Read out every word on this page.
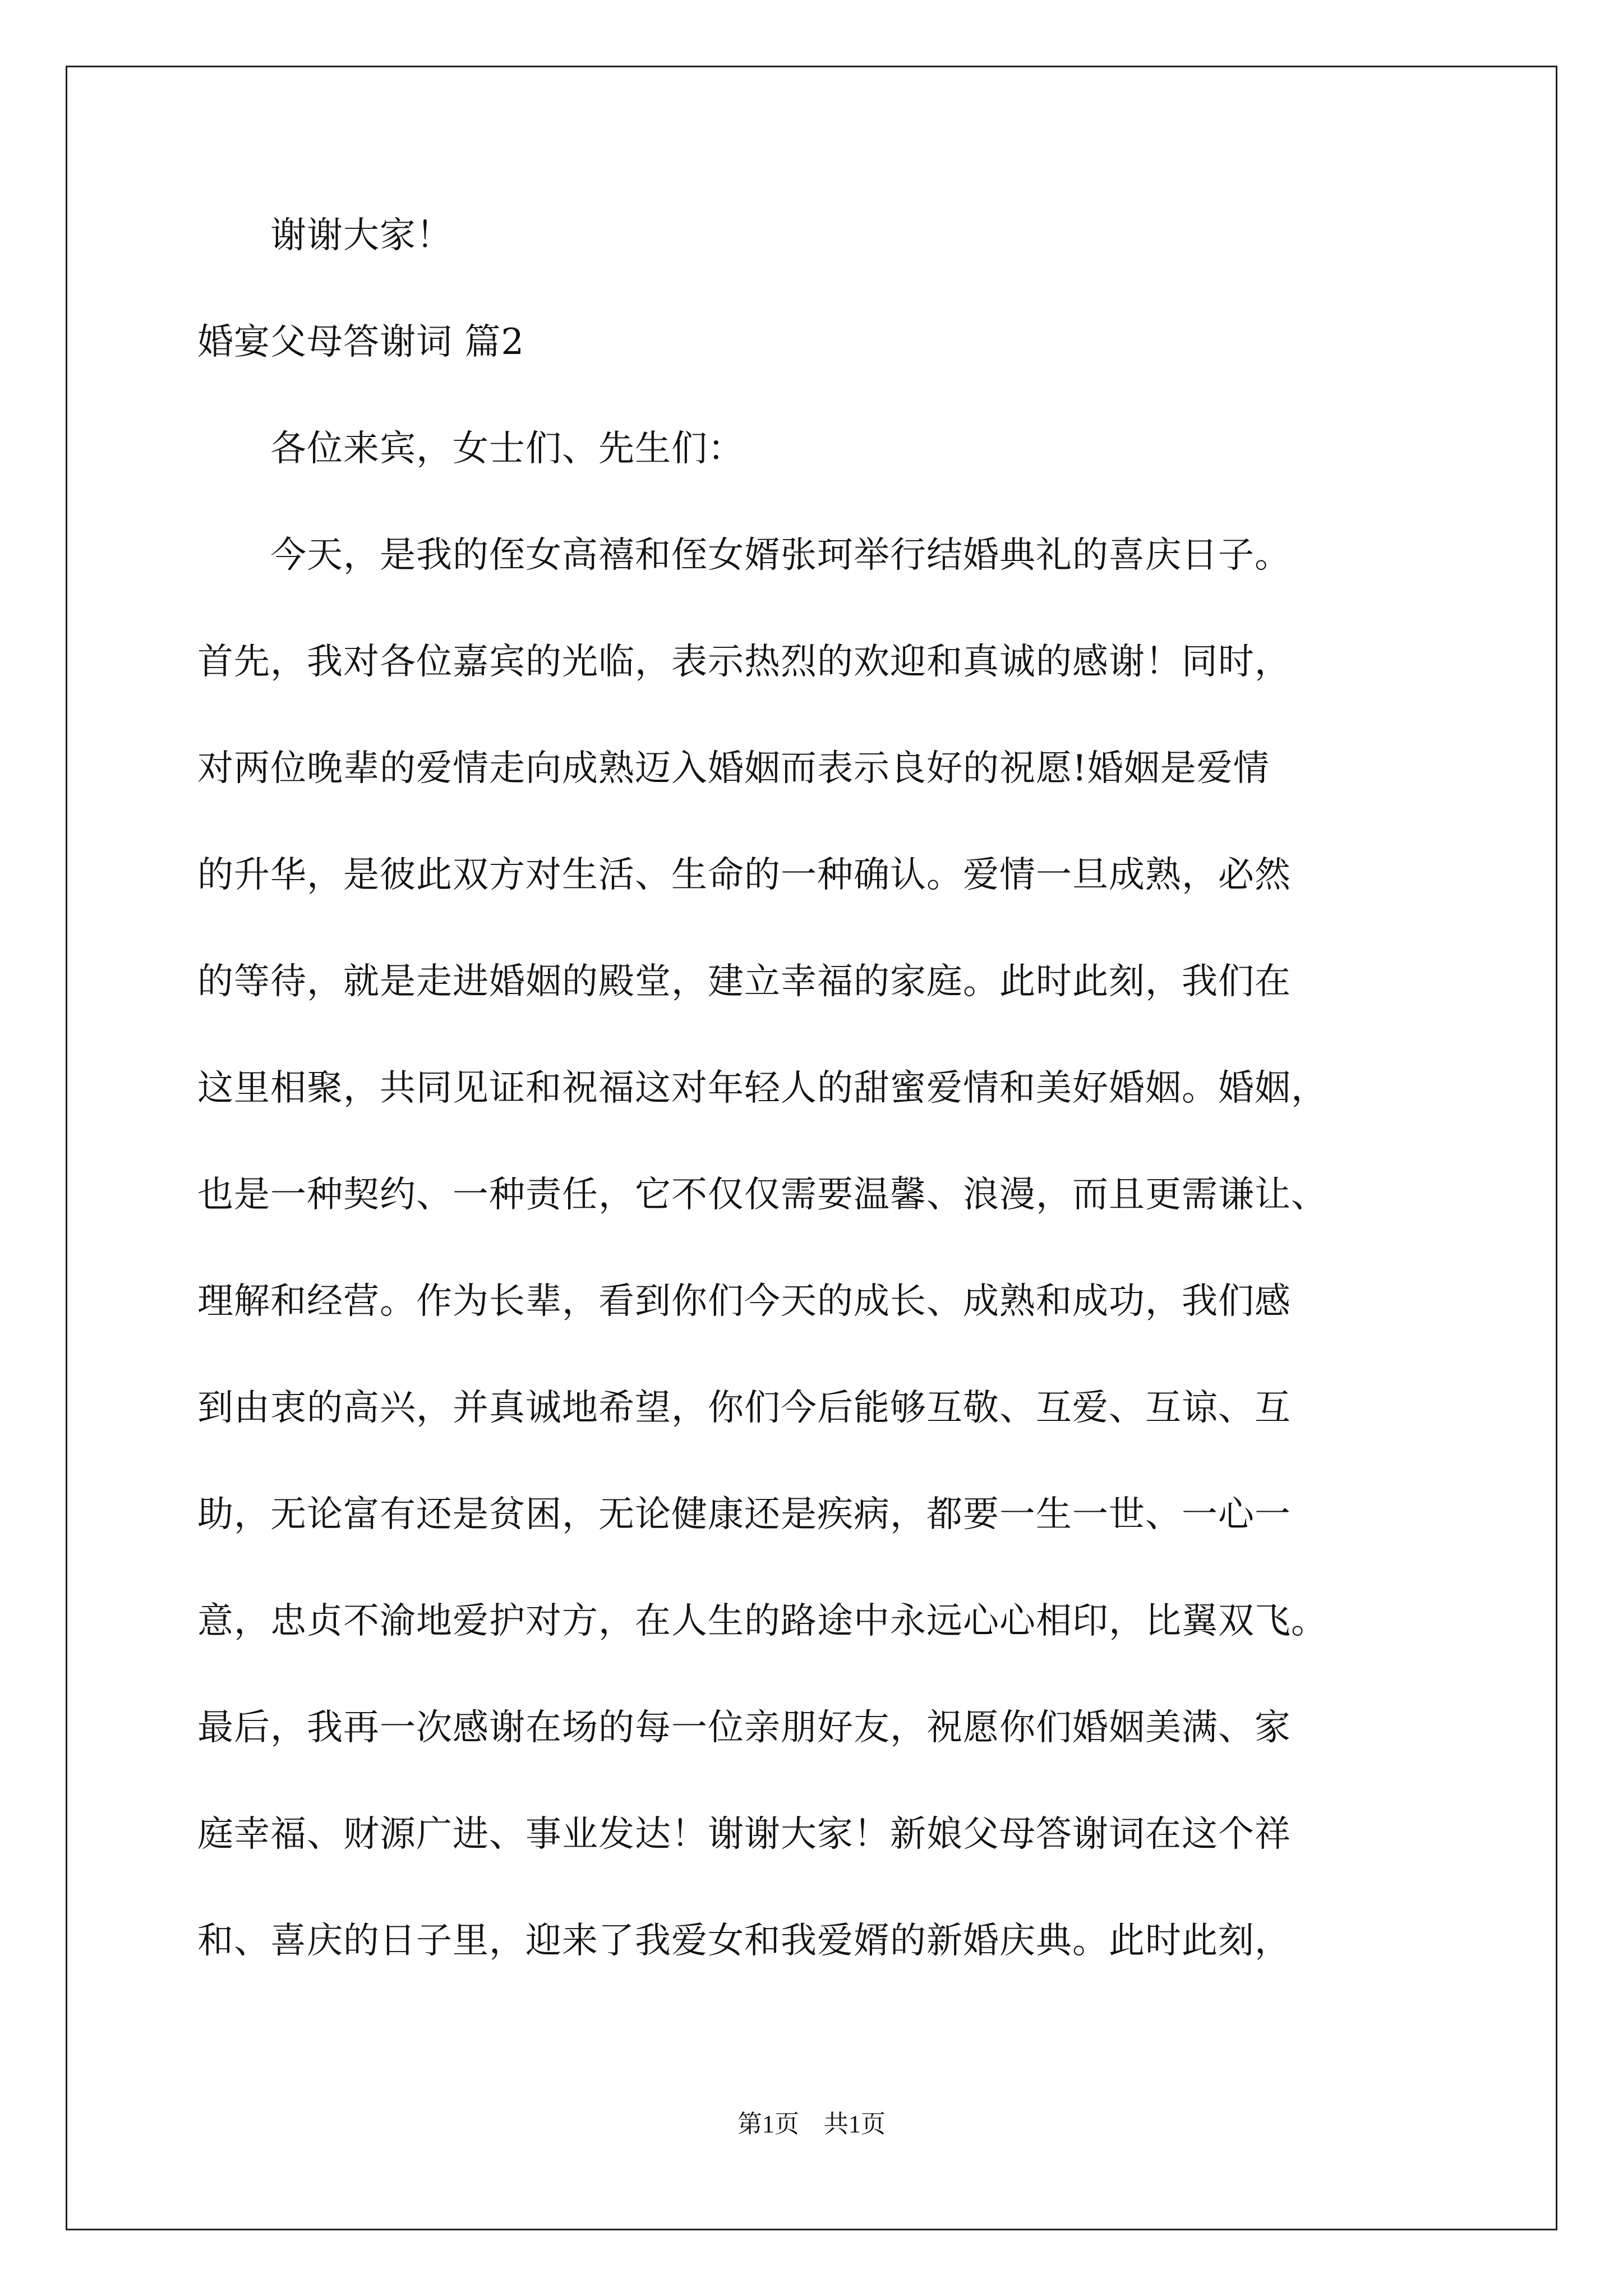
　　谢谢大家！
婚宴父母答谢词 篇2
　　各位来宾，女士们、先生们：
　　今天，是我的侄女高禧和侄女婿张珂举行结婚典礼的喜庆日子。
首先，我对各位嘉宾的光临，表示热烈的欢迎和真诚的感谢！同时，
对两位晚辈的爱情走向成熟迈入婚姻而表示良好的祝愿!婚姻是爱情
的升华，是彼此双方对生活、生命的一种确认。爱情一旦成熟，必然
的等待，就是走进婚姻的殿堂，建立幸福的家庭。此时此刻，我们在
这里相聚，共同见证和祝福这对年轻人的甜蜜爱情和美好婚姻。婚姻，
也是一种契约、一种责任，它不仅仅需要温馨、浪漫，而且更需谦让、
理解和经营。作为长辈，看到你们今天的成长、成熟和成功，我们感
到由衷的高兴，并真诚地希望，你们今后能够互敬、互爱、互谅、互
助，无论富有还是贫困，无论健康还是疾病，都要一生一世、一心一
意，忠贞不渝地爱护对方，在人生的路途中永远心心相印，比翼双飞。
最后，我再一次感谢在场的每一位亲朋好友，祝愿你们婚姻美满、家
庭幸福、财源广进、事业发达！谢谢大家！新娘父母答谢词在这个祥
和、喜庆的日子里，迎来了我爱女和我爱婿的新婚庆典。此时此刻，
第1页　共1页
